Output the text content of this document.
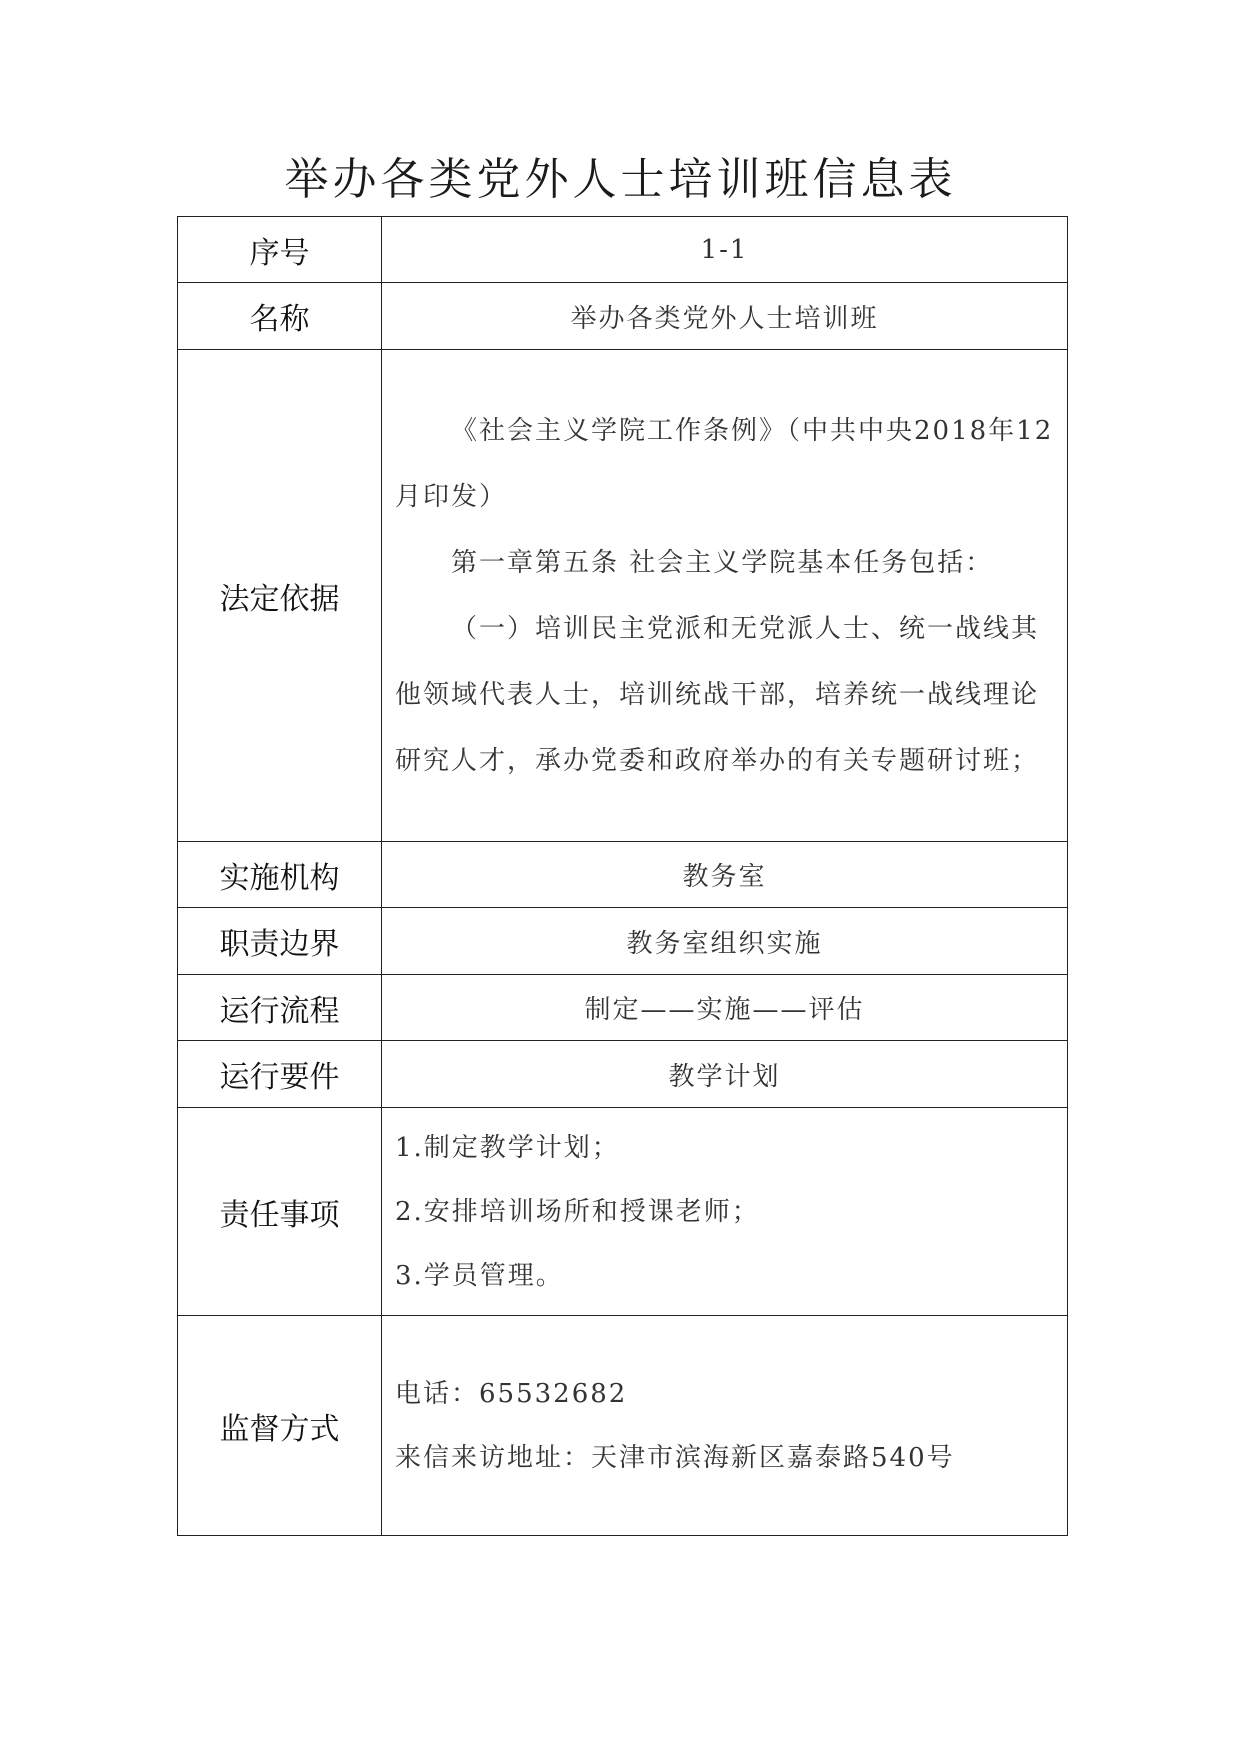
举办各类党外人士培训班信息表
序号	1-1
名称	举办各类党外人士培训班
法定依据	《社会主义学院工作条例》（中共中央2018年12月印发）
第一章第五条 社会主义学院基本任务包括：
（一）培训民主党派和无党派人士、统一战线其他领域代表人士，培训统战干部，培养统一战线理论研究人才，承办党委和政府举办的有关专题研讨班；

实施机构	教务室
职责边界	教务室组织实施
运行流程	制定——实施——评估
运行要件	教学计划
责任事项	1.制定教学计划；
2.安排培训场所和授课老师；
3.学员管理。

监督方式	电话：65532682
来信来访地址：天津市滨海新区嘉泰路540号
